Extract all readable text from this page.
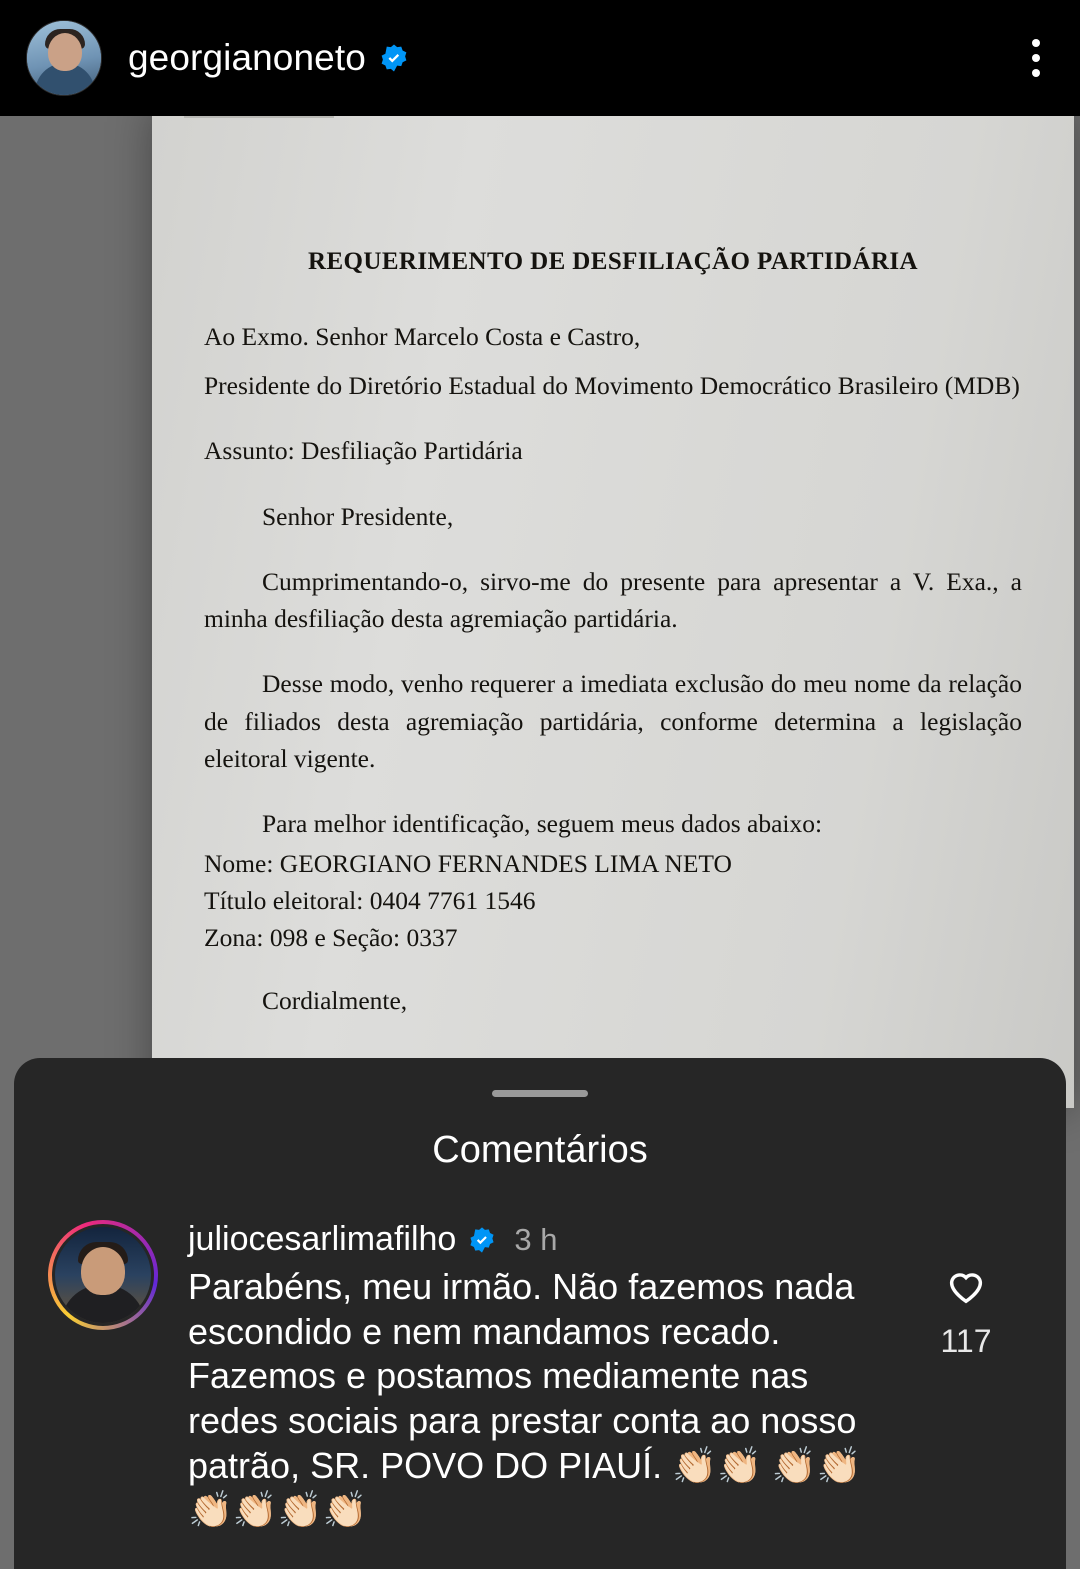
georgianoneto
REQUERIMENTO DE DESFILIAÇÃO PARTIDÁRIA
Ao Exmo. Senhor Marcelo Costa e Castro,
Presidente do Diretório Estadual do Movimento Democrático Brasileiro (MDB)
Assunto: Desfiliação Partidária
Senhor Presidente,
Cumprimentando-o, sirvo-me do presente para apresentar a V. Exa., a minha desfiliação desta agremiação partidária.
Desse modo, venho requerer a imediata exclusão do meu nome da relação de filiados desta agremiação partidária, conforme determina a legislação eleitoral vigente.
Para melhor identificação, seguem meus dados abaixo:
Nome: GEORGIANO FERNANDES LIMA NETO
Título eleitoral: 0404 7761 1546
Zona: 098 e Seção: 0337
Cordialmente,
Comentários
juliocesarlimafilho 3 h
Parabéns, meu irmão. Não fazemos nada escondido e nem mandamos recado. Fazemos e postamos mediamente nas redes sociais para prestar conta ao nosso patrão, SR. POVO DO PIAUÍ. 👏🏻👏🏻 👏🏻👏🏻👏🏻👏🏻👏🏻👏🏻
117
